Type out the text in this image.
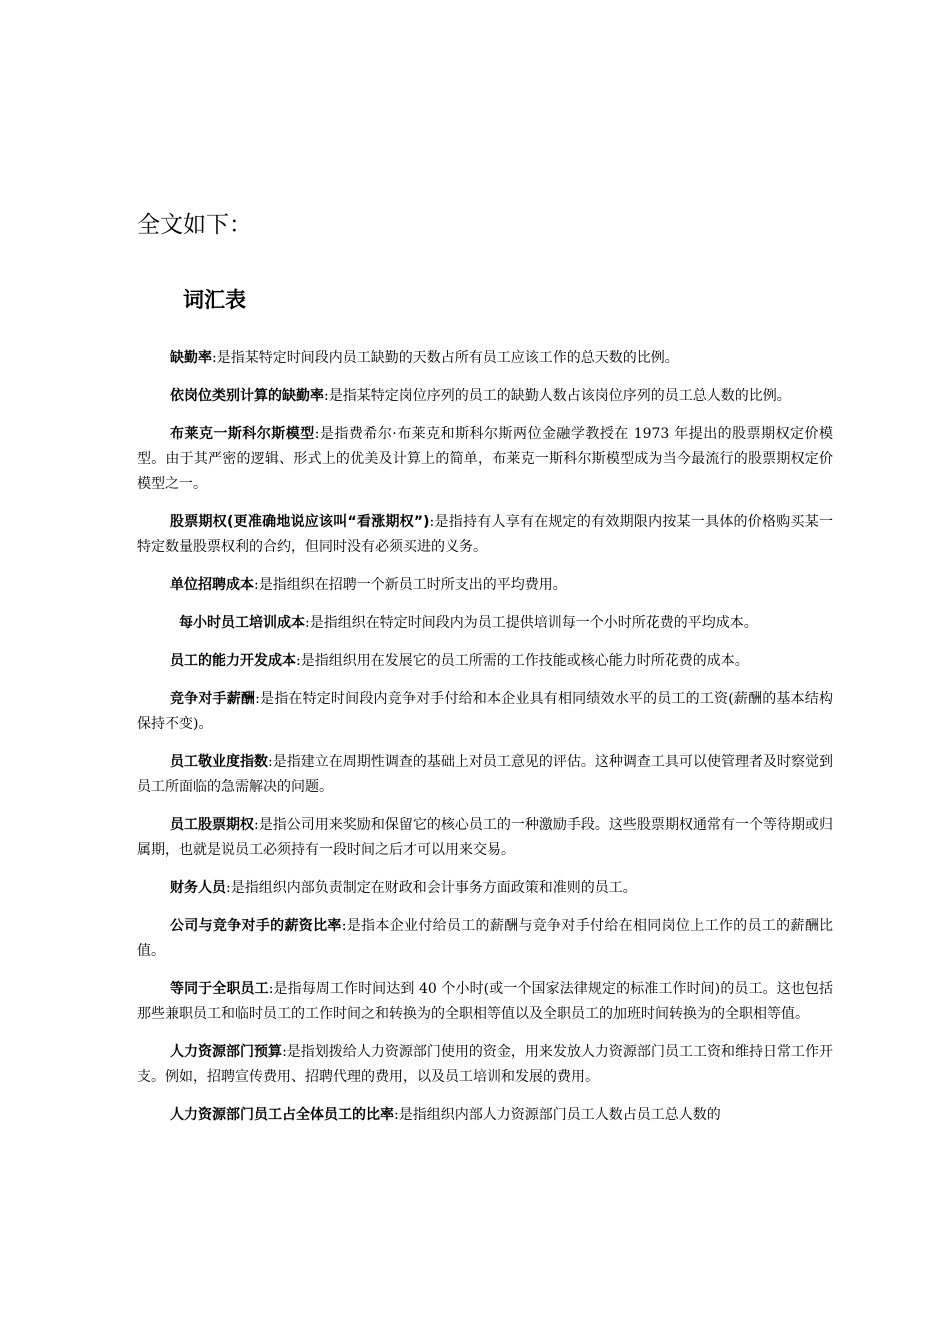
全文如下：
词汇表

缺勤率:是指某特定时间段内员工缺勤的天数占所有员工应该工作的总天数的比例。

依岗位类别计算的缺勤率:是指某特定岗位序列的员工的缺勤人数占该岗位序列的员工总人数的比例。

布莱克一斯科尔斯模型:是指费希尔·布莱克和斯科尔斯两位金融学教授在 1973 年提出的股票期权定价模型。由于其严密的逻辑、形式上的优美及计算上的简单，布莱克一斯科尔斯模型成为当今最流行的股票期权定价模型之一。

股票期权(更准确地说应该叫“看涨期权”):是指持有人享有在规定的有效期限内按某一具体的价格购买某一特定数量股票权利的合约，但同时没有必须买进的义务。

单位招聘成本:是指组织在招聘一个新员工时所支出的平均费用。

每小时员工培训成本:是指组织在特定时间段内为员工提供培训每一个小时所花费的平均成本。

员工的能力开发成本:是指组织用在发展它的员工所需的工作技能或核心能力时所花费的成本。

竞争对手薪酬:是指在特定时间段内竞争对手付给和本企业具有相同绩效水平的员工的工资(薪酬的基本结构保持不变)。

员工敬业度指数:是指建立在周期性调查的基础上对员工意见的评估。这种调查工具可以使管理者及时察觉到员工所面临的急需解决的问题。

员工股票期权:是指公司用来奖励和保留它的核心员工的一种激励手段。这些股票期权通常有一个等待期或归属期，也就是说员工必须持有一段时间之后才可以用来交易。

财务人员:是指组织内部负责制定在财政和会计事务方面政策和准则的员工。

公司与竞争对手的薪资比率:是指本企业付给员工的薪酬与竞争对手付给在相同岗位上工作的员工的薪酬比值。

等同于全职员工:是指每周工作时间达到 40 个小时(或一个国家法律规定的标准工作时间)的员工。这也包括那些兼职员工和临时员工的工作时间之和转换为的全职相等值以及全职员工的加班时间转换为的全职相等值。

人力资源部门预算:是指划拨给人力资源部门使用的资金，用来发放人力资源部门员工工资和维持日常工作开支。例如，招聘宣传费用、招聘代理的费用，以及员工培训和发展的费用。

人力资源部门员工占全体员工的比率:是指组织内部人力资源部门员工人数占员工总人数的
